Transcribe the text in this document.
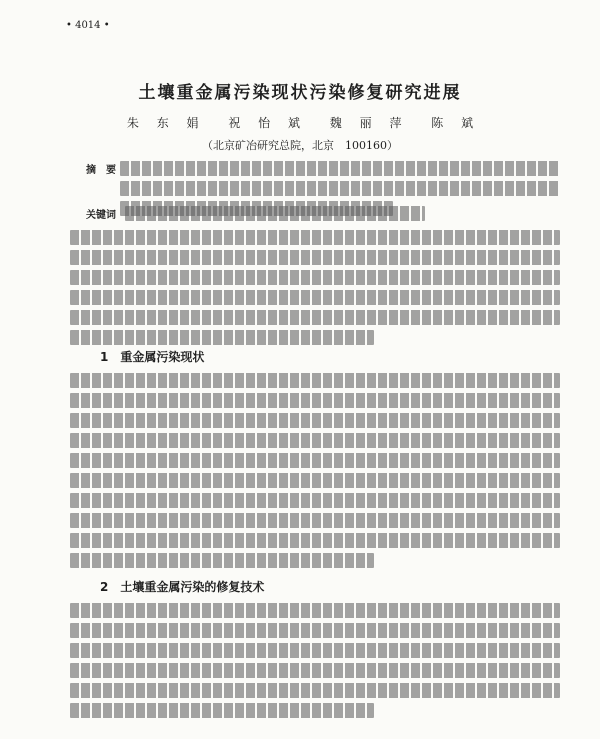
• 4014 •
土壤重金属污染现状污染修复研究进展
朱 东 娟　 祝 怡 斌　 魏 丽 萍　 陈 斌
（北京矿冶研究总院，北京　100160）
摘　要
关键词
1　重金属污染现状
2　土壤重金属污染的修复技术
